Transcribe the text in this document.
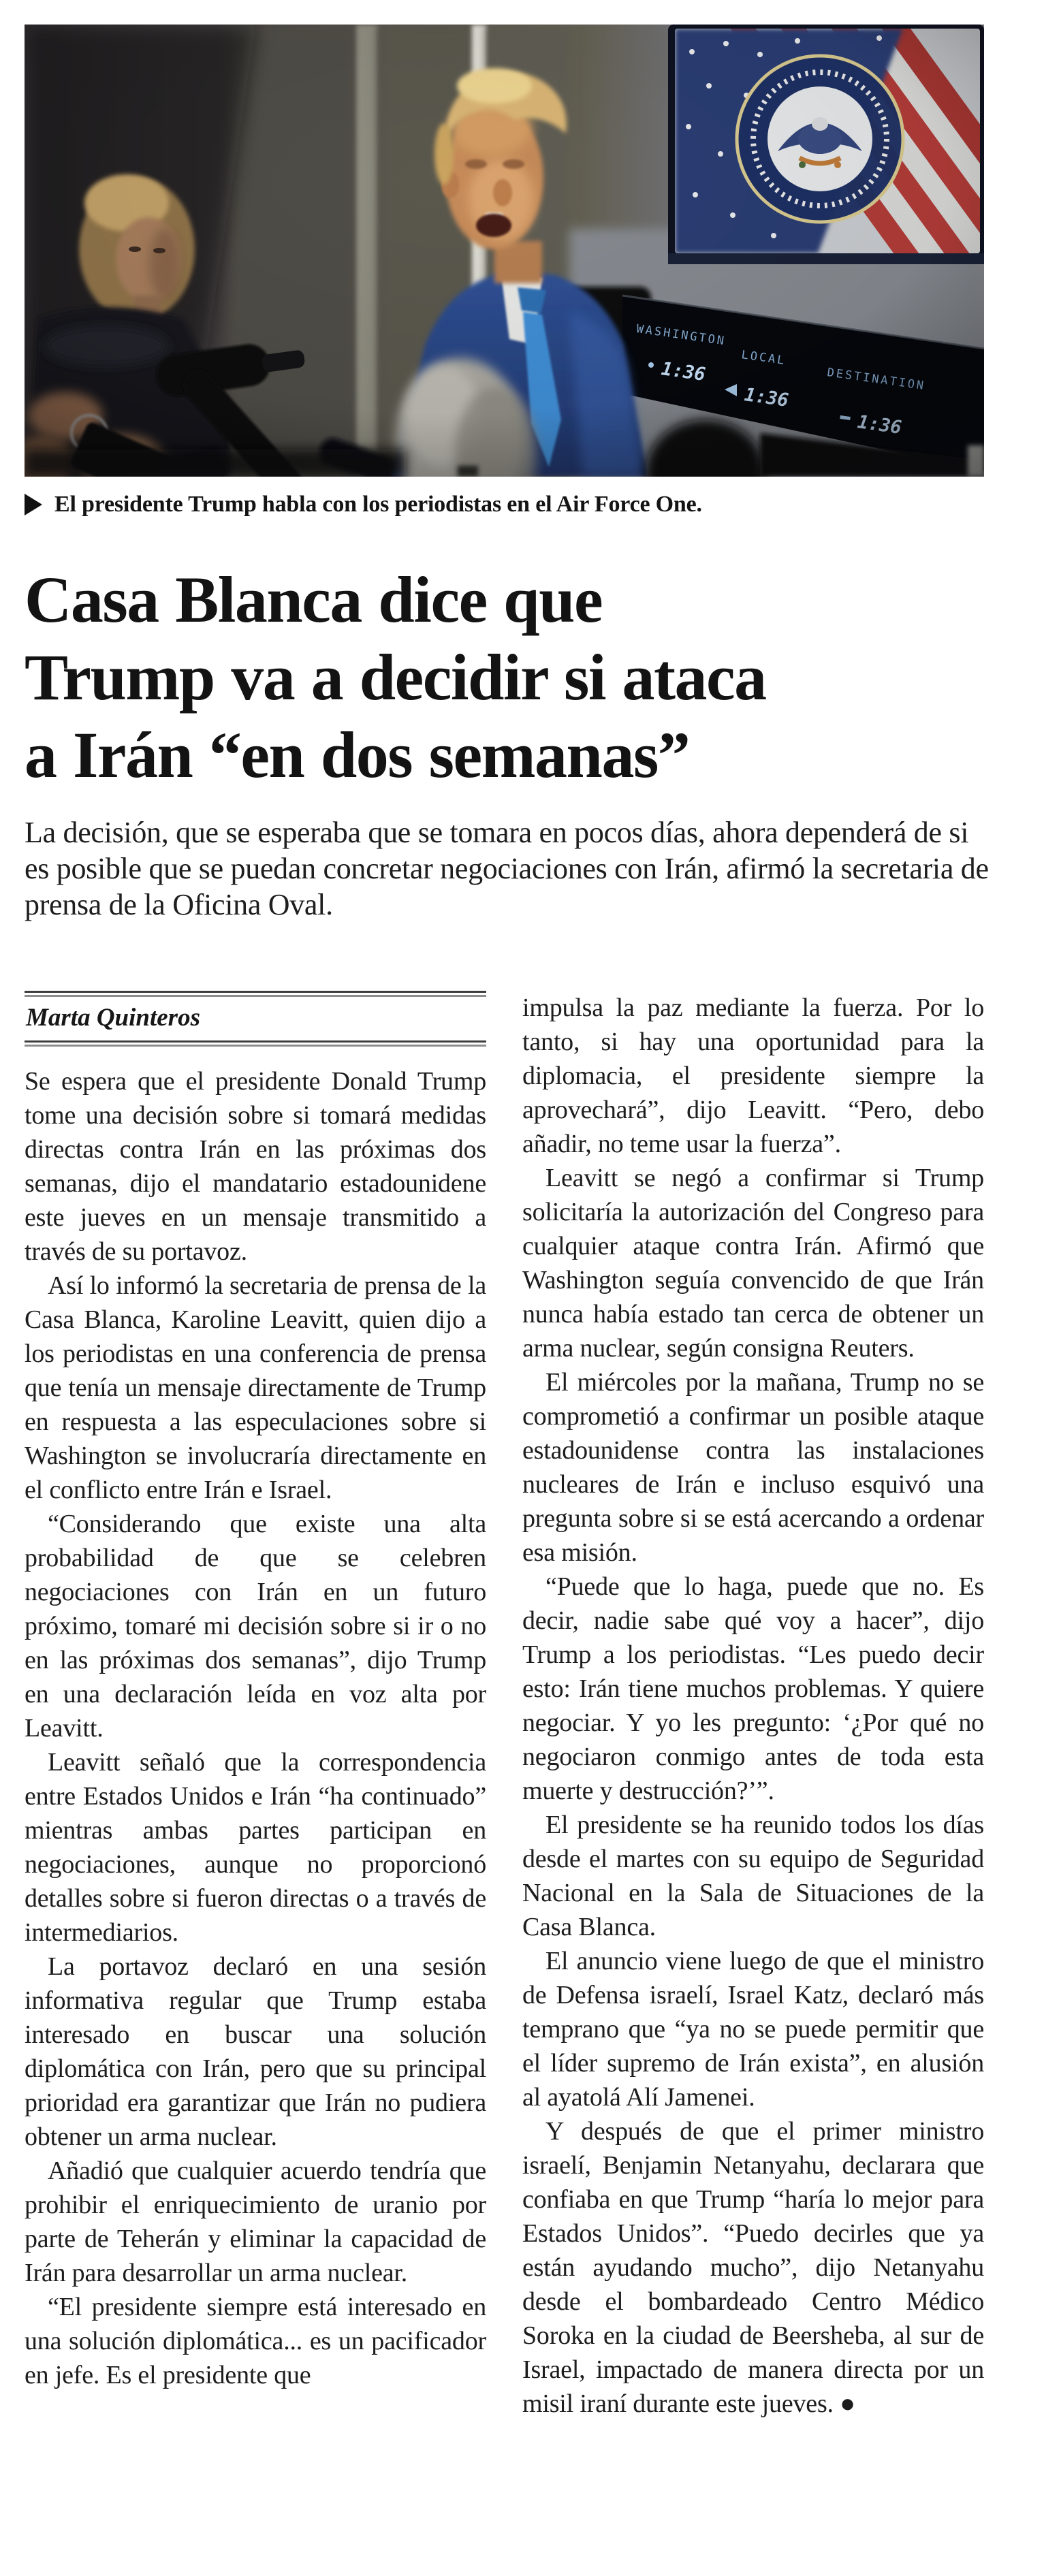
El presidente Trump habla con los periodistas en el Air Force One.
Casa Blanca dice que
Trump va a decidir si ataca
a Irán “en dos semanas”

La decisión, que se esperaba que se tomara en pocos días, ahora dependerá de si es posible que se puedan concretar negociaciones con Irán, afirmó la secretaria de prensa de la Oficina Oval.

Marta Quinteros

Se espera que el presidente Donald Trump tome una decisión sobre si tomará medidas directas contra Irán en las próximas dos semanas, dijo el mandatario estadounidene este jueves en un mensaje transmitido a través de su portavoz.

Así lo informó la secretaria de prensa de la Casa Blanca, Karoline Leavitt, quien dijo a los periodistas en una conferencia de prensa que tenía un mensaje directamente de Trump en respuesta a las especulaciones sobre si Washington se involucraría directamente en el conflicto entre Irán e Israel.

“Considerando que existe una alta probabilidad de que se celebren negociaciones con Irán en un futuro próximo, tomaré mi decisión sobre si ir o no en las próximas dos semanas”, dijo Trump en una declaración leída en voz alta por Leavitt.

Leavitt señaló que la correspondencia entre Estados Unidos e Irán “ha continuado” mientras ambas partes participan en negociaciones, aunque no proporcionó detalles sobre si fueron directas o a través de intermediarios.

La portavoz declaró en una sesión informativa regular que Trump estaba interesado en buscar una solución diplomática con Irán, pero que su principal prioridad era garantizar que Irán no pudiera obtener un arma nuclear.

Añadió que cualquier acuerdo tendría que prohibir el enriquecimiento de uranio por parte de Teherán y eliminar la capacidad de Irán para desarrollar un arma nuclear.

“El presidente siempre está interesado en una solución diplomática... es un pacificador en jefe. Es el presidente que

impulsa la paz mediante la fuerza. Por lo tanto, si hay una oportunidad para la diplomacia, el presidente siempre la aprovechará”, dijo Leavitt. “Pero, debo añadir, no teme usar la fuerza”.

Leavitt se negó a confirmar si Trump solicitaría la autorización del Congreso para cualquier ataque contra Irán. Afirmó que Washington seguía convencido de que Irán nunca había estado tan cerca de obtener un arma nuclear, según consigna Reuters.

El miércoles por la mañana, Trump no se comprometió a confirmar un posible ataque estadounidense contra las instalaciones nucleares de Irán e incluso esquivó una pregunta sobre si se está acercando a ordenar esa misión.

“Puede que lo haga, puede que no. Es decir, nadie sabe qué voy a hacer”, dijo Trump a los periodistas. “Les puedo decir esto: Irán tiene muchos problemas. Y quiere negociar. Y yo les pregunto: ‘¿Por qué no negociaron conmigo antes de toda esta muerte y destrucción?’”.

El presidente se ha reunido todos los días desde el martes con su equipo de Seguridad Nacional en la Sala de Situaciones de la Casa Blanca.

El anuncio viene luego de que el ministro de Defensa israelí, Israel Katz, declaró más temprano que “ya no se puede permitir que el líder supremo de Irán exista”, en alusión al ayatolá Alí Jamenei.

Y después de que el primer ministro israelí, Benjamin Netanyahu, declarara que confiaba en que Trump “haría lo mejor para Estados Unidos”. “Puedo decirles que ya están ayudando mucho”, dijo Netanyahu desde el bombardeado Centro Médico Soroka en la ciudad de Beersheba, al sur de Israel, impactado de manera directa por un misil iraní durante este jueves. ●
